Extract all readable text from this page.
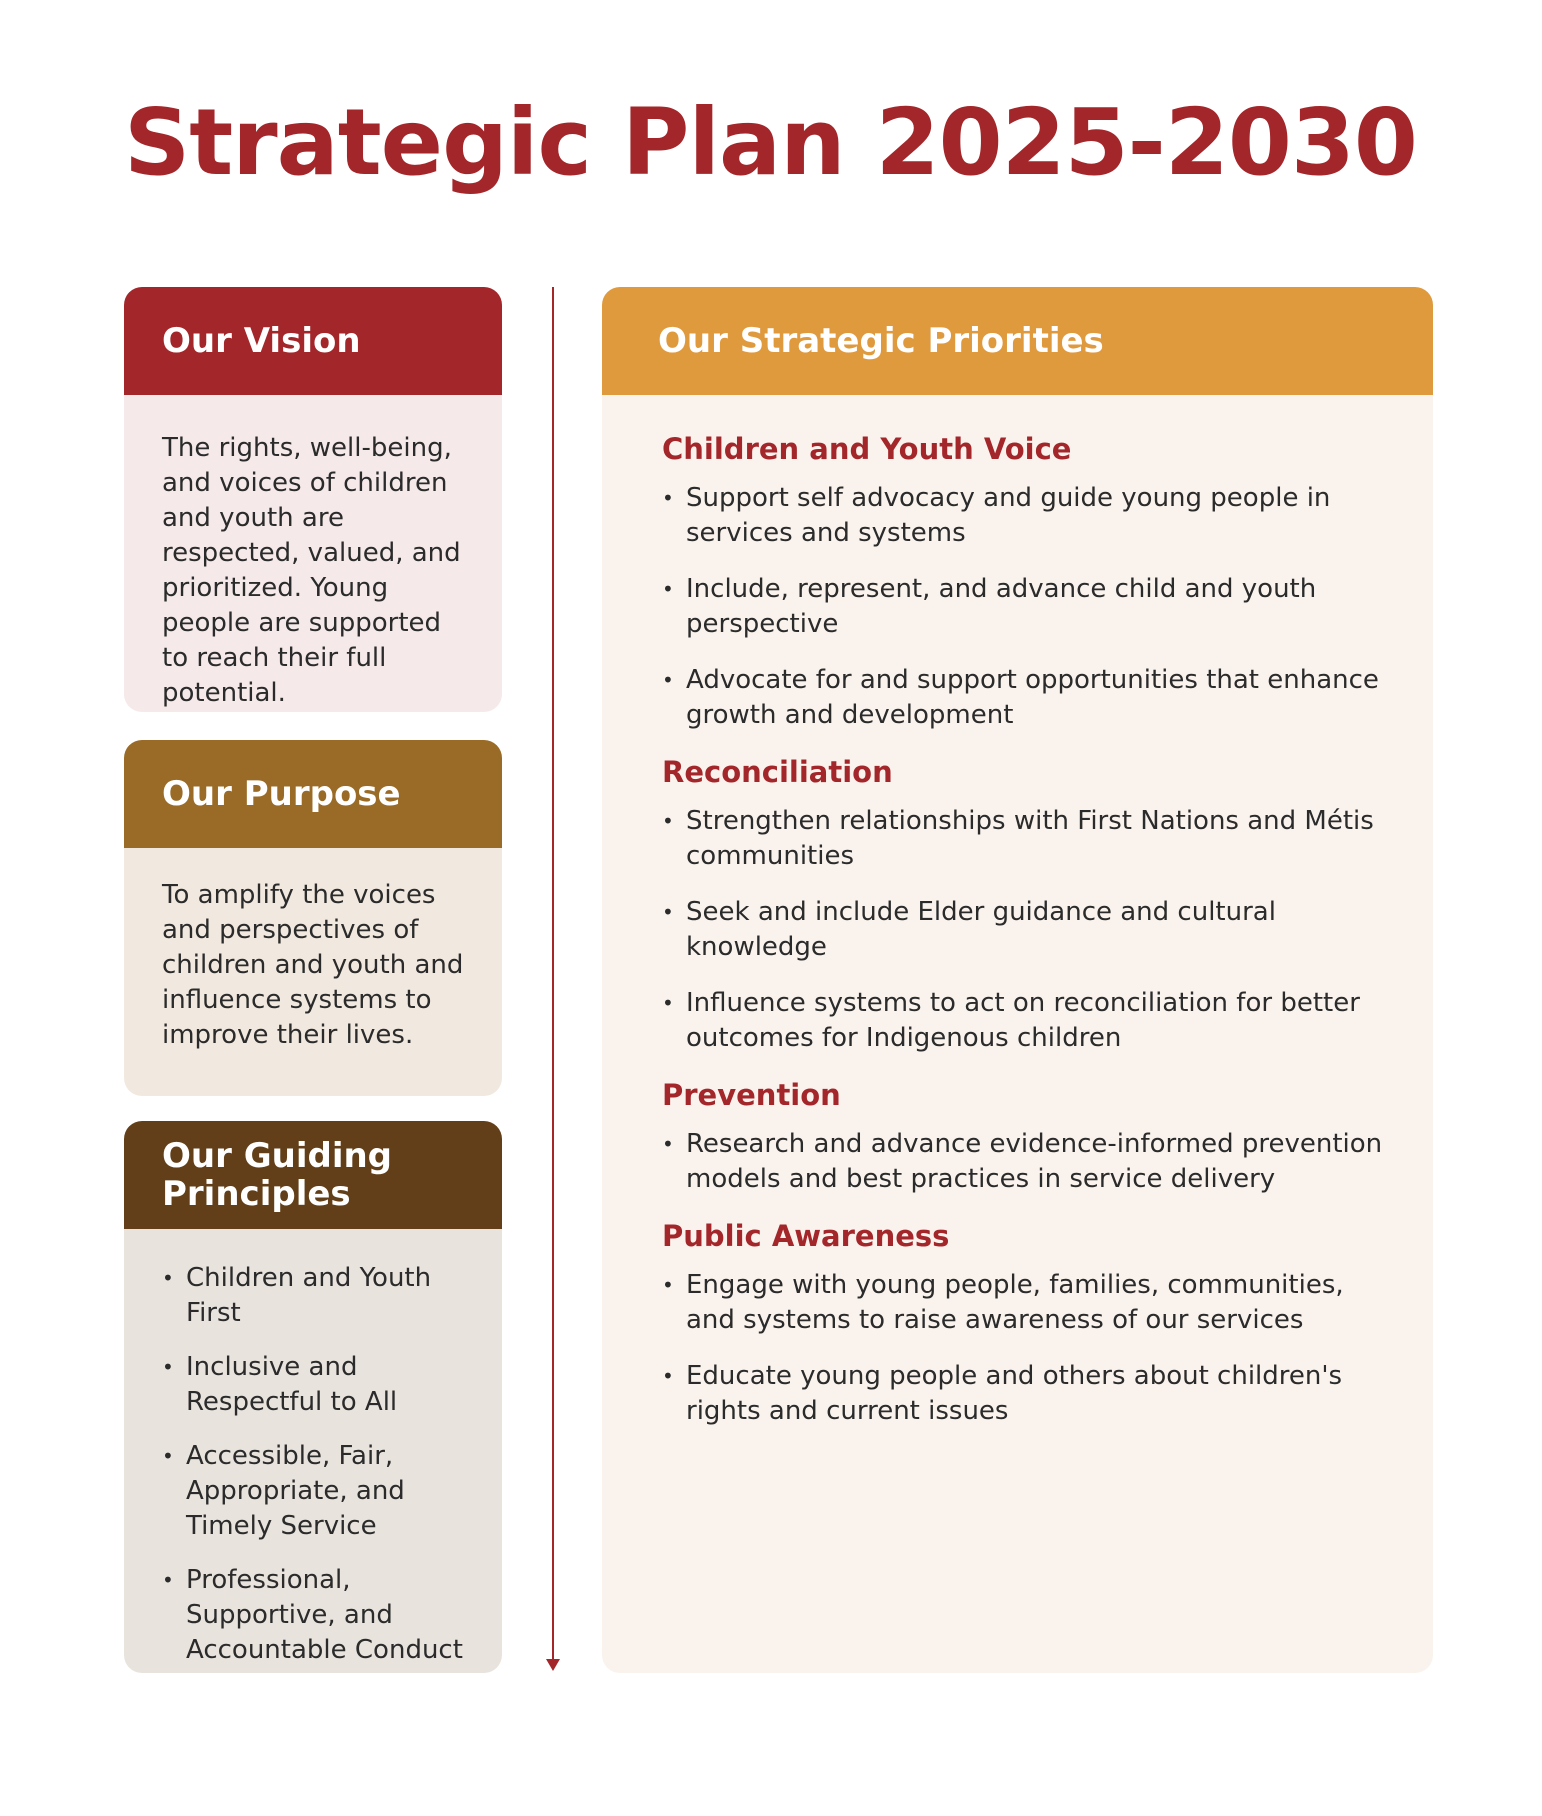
Strategic Plan 2025-2030
Our Vision
The rights, well-being, and voices of children and youth are respected, valued, and prioritized. Young people are supported to reach their full potential.
Our Purpose
To amplify the voices and perspectives of children and youth and influence systems to improve their lives.
Our Guiding Principles
• Children and Youth First
• Inclusive and Respectful to All
• Accessible, Fair, Appropriate, and Timely Service
• Professional, Supportive, and Accountable Conduct
Our Strategic Priorities
Children and Youth Voice
• Support self advocacy and guide young people in services and systems
• Include, represent, and advance child and youth perspective
• Advocate for and support opportunities that enhance growth and development
Reconciliation
• Strengthen relationships with First Nations and Métis communities
• Seek and include Elder guidance and cultural knowledge
• Influence systems to act on reconciliation for better outcomes for Indigenous children
Prevention
• Research and advance evidence-informed prevention models and best practices in service delivery
Public Awareness
• Engage with young people, families, communities, and systems to raise awareness of our services
• Educate young people and others about children's rights and current issues
